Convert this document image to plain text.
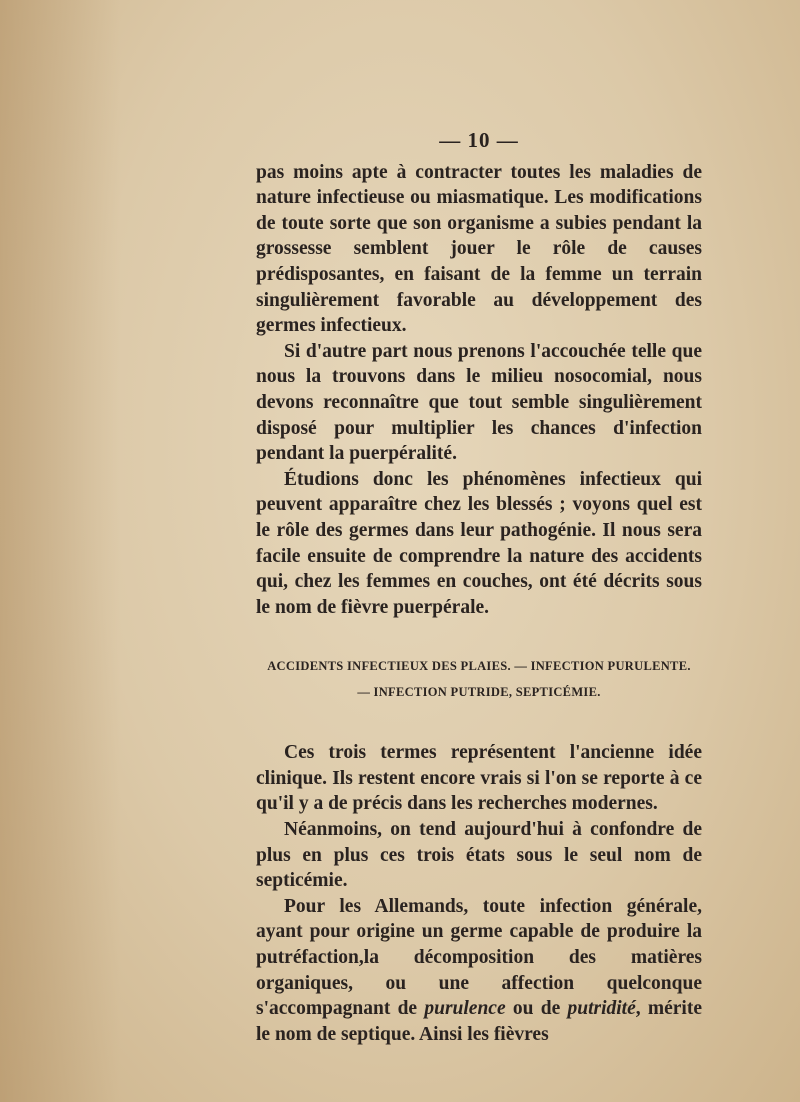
— 10 —

pas moins apte à contracter toutes les maladies de nature infectieuse ou miasmatique. Les modifications de toute sorte que son organisme a subies pendant la grossesse semblent jouer le rôle de causes prédisposantes, en faisant de la femme un terrain singulièrement favorable au développement des germes infectieux.

Si d'autre part nous prenons l'accouchée telle que nous la trouvons dans le milieu nosocomial, nous devons reconnaître que tout semble singulièrement disposé pour multiplier les chances d'infection pendant la puerpéralité.

Étudions donc les phénomènes infectieux qui peuvent apparaître chez les blessés ; voyons quel est le rôle des germes dans leur pathogénie. Il nous sera facile ensuite de comprendre la nature des accidents qui, chez les femmes en couches, ont été décrits sous le nom de fièvre puerpérale.

ACCIDENTS INFECTIEUX DES PLAIES. — INFECTION PURULENTE.
— INFECTION PUTRIDE, SEPTICÉMIE.

Ces trois termes représentent l'ancienne idée clinique. Ils restent encore vrais si l'on se reporte à ce qu'il y a de précis dans les recherches modernes.

Néanmoins, on tend aujourd'hui à confondre de plus en plus ces trois états sous le seul nom de septicémie.

Pour les Allemands, toute infection générale, ayant pour origine un germe capable de produire la putréfaction,la décomposition des matières organiques, ou une affection quelconque s'accompagnant de purulence ou de putridité, mérite le nom de septique. Ainsi les fièvres
